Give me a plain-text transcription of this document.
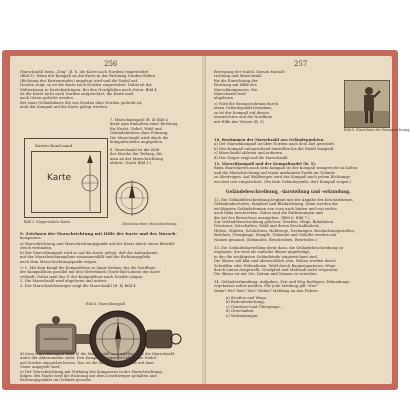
256
Marschzahl) beim „Zeig“ (d. h. die Karte nach Norden) eingerichtet
(Bild 3). Wenn der Kompaß an die Karte in der Richtung Norden-Süden
(Richtung des Kartenrandes) angelegt wird und die Nadel auf
Norden zeigt, so ist die Karte nach Norden eingerichtet. Dabei ist die
Mißweisung zu berücksichtigen. Bei den Nordpfeilen nach Osten. Bild 4
ist die Karte nicht nach Norden aufgerichtet, die Karte muß
nach Osten gedreht werden.
Bei einer Geländekarte die von Norden über Norden gedreht ist,
muß der Kompaß auf die Karte gelegt werden.
Karten-Rand nand
Karte
Bild 3. Eingerichtete Karte.
7. Marschkompaß (B. 4) Bild 4
dient zum Einhalten einer Richtung
für Nacht, Nebel, Wald und
Geländebreiten ohne Führung.
Die Marschzahl wird durch die
Kompaßscheibe angegeben.
8. Marschzahl ist die Zahl
der Striche der Teilung, die
man an der Marschrichtung
abliest. (Nach Bild 3.)
Zeichnen einer Marschrichtung
9. Zeichnen der Marschrichtung mit Hilfe der Karte und des Marsch-
kompasses.
a) Marschrichtung und Marschrichtungspunkt auf der Karte durch einen Bleistift-
strich verbinden.
b) Der Marschkompaß wird so auf die Karte gelegt, daß die Anlegekante
mit der Marschrichtungslinie zusammenfällt und die Richtungspfeile
nach dem Marschrichtungspunkt zeigen.
c) 1. Mit dem Knopf die Kompaßdose so lange drehen, bis die Nordlinie
der Kompaßdose parallel mit den Gitterlinien (Nord-Süd-Linien) der Karte
verläuft. Dabei muß das N der Kompaßdose nach Norden zeigen.
2. Die Marschzahl wird abgelesen und notiert.
3. Der Marschzahlenzeiger zeigt die Marschzahl (B. 4) Bild 4.
Bild 4. Marschkompaß.
d) Dem Marschkompaß (Bild 4) die Marschzahl so einstellen, daß die Marschzahl
unter der Ablesemarke steht. Den Kompaß waagrecht halten, die Nadel
auf Norden einspielen lassen. Das ist die Marschrichtung, die mit dem
Visier angepeilt wird.
e) Der Marschrichtung mit Wirkung des Kompasses in der Marschrichtung
folgen. Bei Nacht wird die Richtung mit dem Leuchtzeiger gehalten und
Richtungspunkte im Gelände gesucht.
257
Bewegung der Nadel. Darum Marsch-
richtung und Marschzahl
für die Einrichtung der
Richtung mit Hilfe des
Marschkompasses. Die
Marschzahl wird
abgelesen.
c) Wird die Bezugsrichtung durch
einen Geländepunkt bestimmt,
so ist der Kompaß auf diesen
einzurichten und die Nordlinie
mit Hilfe des Visiers (B. 5).
Bild 5. Einrichten der Bezugsrichtung.
10. Bestimmen der Marschzahl aus Geländepunkten.
a) Der Marschkompaß ist über Norden nach dem Ziel gerichtet.
b) Den Kompaß entsprechend einstellen bis die Nadel einspielt.
c) Marschzahl ablesen und notieren.
d) Der Zeiger zeigt auf die Marschzahl.
11. Marschkompaß und der Kompaßnadel (B. 5).
Beim Marschieren nach dem Kompaß ist der Kompaß waagerecht zu halten
und die Marschrichtung auf einen markanten Punkt im Gelände
zu übertragen. Auf Waldwegen wird der Kompaß nach jedem Richtungs-
wechsel neu eingerichtet. (Wo kein Geländepunkt, dort Kompaß zeigen.)
Geländebeschreibung, -darstellung und -erkundung.
12. Die Geländebeschreibung beginnt mit der Angabe des beschriebenen
Geländeabschnitts, Standort und Blickrichtung. Dann werden die
wichtigsten Geländeformen von vorn nach hinten und von rechts
nach links beschrieben. Dabei sind die Entfernungen und
die Art des Bewuchses anzugeben. (Bild 6, Bild 7.)
Zur Geländebeschreibung gehören: Straßen, Wege, Bahnlinien,
Gewässer, Ortschaften, Wald und deren Beschaffenheit;
Höhen, Mulden, Schluchten, Hohlwege, Deckungen, Beobachtungsstellen,
Brücken, Übergänge, Sümpfe. Gebäude und Gehöfte werden mit
Namen genannt. (Erkunden, Beschreiben, Beurteilen.)
13. Die Geländedarstellung dient dazu, die Geländebeschreibung zu
ergänzen. Sie wird als einfache Skizze angefertigt,
in der die wichtigsten Geländeteile eingezeichnet sind.
Die Skizze soll klar und übersichtlich sein; Höhen werden durch
Schraffen oder Höhenlinien, Wald durch Baumsignaturen, Wege
durch Linien dargestellt. Nordpfeil und Maßstab nicht vergessen.
Die Skizze ist mit Ort, Datum und Namen zu versehen.
14. Geländeerkundung: Aufgaben, Zeit und Weg festlegen; Erkundungs-
ergebnisse sofort melden. Für jede Meldung gilt: Wer?
Wann? Wo? Was? Wie? Wohin? Meldung an den Führer.
a) Straßen und Wege,
b) Bodenbedeckung,
c) Gewässer und Übergänge,
d) Ortschaften,
e) Verbindungen.
